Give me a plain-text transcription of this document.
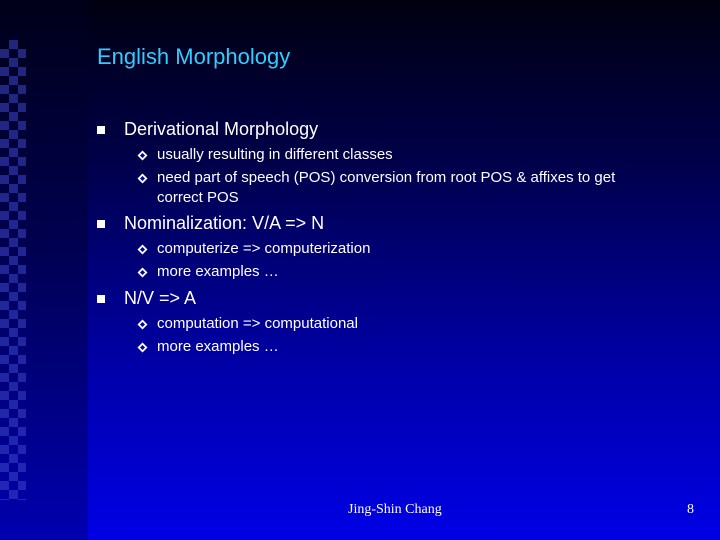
English Morphology
Derivational Morphology
usually resulting in different classes
need part of speech (POS) conversion from root POS & affixes to get
correct POS
Nominalization: V/A => N
computerize => computerization
more examples …
N/V => A
computation => computational
more examples …
Jing-Shin Chang	8
